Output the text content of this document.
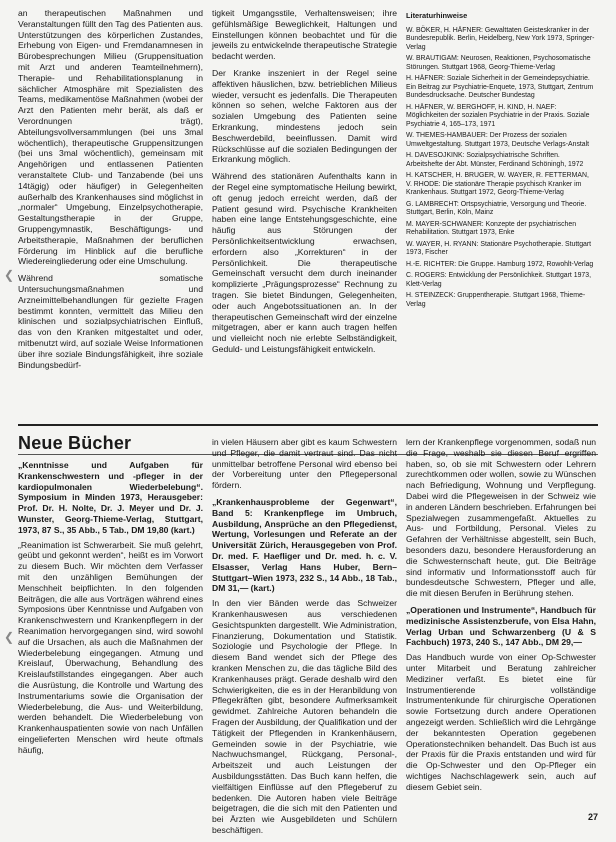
an therapeutischen Maßnahmen und Veranstaltungen füllt den Tag des Patienten aus. Unterstützungen des körperlichen Zustandes, Erhebung von Eigen- und Fremdanamnesen in Bürobesprechungen Milieu (Gruppensituation mit Arzt und anderen Teamteilnehmern), Therapie- und Rehabilitationsplanung in sächlicher Atmosphäre mit Spezialisten des Teams, medikamentöse Maßnahmen (wobei der Arzt den Patienten mehr berät, als daß er Verordnungen trägt), Abteilungsvollversammlungen (bei uns 3mal wöchentlich), therapeutische Gruppensitzungen (bei uns 3mal wöchentlich), gemeinsam mit Angehörigen und entlassenen Patienten veranstaltete Club- und Tanzabende (bei uns 14tägig) oder häufiger) in Gelegenheiten außerhalb des Krankenhauses sind möglichst in „normaler“ Umgebung, Einzelpsychotherapie, Gestaltungstherapie in der Gruppe, Gruppengymnastik, Beschäftigungs- und Arbeitstherapie, Maßnahmen der beruflichen Förderung im Hinblick auf die berufliche Wiedereingliederung oder eine Umschulung.

Während somatische Untersuchungsmaßnahmen und Arzneimittelbehandlungen für gezielte Fragen bestimmt konnten, vermittelt das Milieu den klinischen und sozialpsychiatrischen Einfluß, das von den Kranken mitgestaltet und oder, mitbenutzt wird, auf soziale Weise Informationen über ihre soziale Bindungsfähigkeit, ihre soziale Bindungsbedürf-

tigkeit Umgangsstile, Verhaltensweisen; ihre gefühlsmäßige Beweglichkeit, Haltungen und Einstellungen können beobachtet und für die jeweils zu entwickelnde therapeutische Strategie bedacht werden.

Der Kranke inszeniert in der Regel seine affektiven häuslichen, bzw. betrieblichen Milieus wieder, versucht es jedenfalls. Die Therapeuten können so sehen, welche Faktoren aus der sozialen Umgebung des Patienten seine Erkrankung, mindestens jedoch sein Beschwerdebild, beeinflussen. Damit wird Rückschlüsse auf die sozialen Bedingungen der Erkrankung möglich.

Während des stationären Aufenthalts kann in der Regel eine symptomatische Heilung bewirkt, oft genug jedoch erreicht werden, daß der Patient gesund wird. Psychische Krankheiten haben eine lange Entstehungsgeschichte, eine häufig aus Störungen der Persönlichkeitsentwicklung erwachsen, erfordern also „Korrekturen“ in der Persönlichkeit. Die therapeutische Gemeinschaft versucht dem durch ineinander komplizierte „Prägungsprozesse“ Rechnung zu tragen. Sie bietet Bindungen, Gelegenheiten, oder auch Angebotssituationen an. In der therapeutischen Gemeinschaft wird der einzelne mitgetragen, aber er kann auch tragen helfen und vielleicht noch nie erlebte Selbständigkeit, Geduld- und Leistungsfähigkeit entwickeln.

Literaturhinweise
W. BÖKER, H. HÄFNER: Gewalttaten Geisteskranker in der Bundesrepublik. Berlin, Heidelberg, New York 1973, Springer-Verlag
W. BRAUTIGAM: Neurosen, Reaktionen, Psychosomatische Störungen. Stuttgart 1968, Georg-Thieme-Verlag
H. HÄFNER: Soziale Sicherheit in der Gemeindepsychiatrie. Ein Beitrag zur Psychiatrie-Enquete, 1973, Stuttgart, Zentrum Bundesdrucksache. Deutscher Bundestag
H. HÄFNER, W. BERGHOFF, H. KIND, H. NAEF: Möglichkeiten der sozialen Psychiatrie in der Praxis. Soziale Psychiatrie 4, 165–173, 1971
W. THEMES-HAMBAUER: Der Prozess der sozialen Umweltgestaltung. Stuttgart 1973, Deutsche Verlags-Anstalt
H. DAVESOJKINK: Sozialpsychiatrische Schriften. Arbeitshefte der Abt. Münster, Ferdinand Schöningh, 1972
H. KATSCHER, H. BRUGER, W. WAYER, R. FETTERMAN, V. RHODE: Die stationäre Therapie psychisch Kranker im Krankenhaus. Stuttgart 1972, Georg-Thieme-Verlag
G. LAMBRECHT: Ortspsychiatrie, Versorgung und Theorie. Stuttgart, Berlin, Köln, Mainz
M. MAYER-SCHWANER: Konzepte der psychiatrischen Rehabilitation. Stuttgart 1973, Enke
W. WAYER, H. RYANN: Stationäre Psychotherapie. Stuttgart 1973, Fischer
H.-E. RICHTER: Die Gruppe. Hamburg 1972, Rowohlt-Verlag
C. ROGERS: Entwicklung der Persönlichkeit. Stuttgart 1973, Klett-Verlag
H. STEINZECK: Gruppentherapie. Stuttgart 1968, Thieme-Verlag
❮
Neue Bücher

„Kenntnisse und Aufgaben für Krankenschwestern und -pfleger in der kardiopulmonalen Wiederbelebung“. Symposium in Minden 1973, Herausgeber: Prof. Dr. H. Nolte, Dr. J. Meyer und Dr. J. Wunster, Georg-Thieme-Verlag, Stuttgart, 1973, 87 S., 35 Abb., 5 Tab., DM 19,80 (kart.)

„Reanimation ist Schwerarbeit. Sie muß gelehrt, geübt und gekonnt werden“, heißt es im Vorwort zu diesem Buch. Wir möchten dem Verfasser mit den unzähligen Bemühungen der Menschheit beipflichten. In den folgenden Beiträgen, die alle aus Vorträgen während eines Symposions über Kenntnisse und Aufgaben von Krankenschwestern und Krankenpflegern in der Reanimation hervorgegangen sind, wird sowohl auf die Ursachen, als auch die Maßnahmen der Wiederbelebung eingegangen. Atmung und Kreislauf, Überwachung, Behandlung des Kreislaufstillstandes eingegangen. Aber auch die Ausrüstung, die Kontrolle und Wartung des Instrumentariums sowie die Organisation der Wiederbelebung, die Aus- und Weiterbildung, werden behandelt. Die Wiederbelebung von Krankenhauspatienten sowie von nach Unfällen eingelieferten Menschen wird heute oftmals häufig,

in vielen Häusern aber gibt es kaum Schwestern und Pfleger, die damit vertraut sind. Das nicht unmittelbar betroffene Personal wird ebenso bei der Vorbereitung unter den Pflegepersonal fördern.

„Krankenhausprobleme der Gegenwart“, Band 5: Krankenpflege im Umbruch, Ausbildung, Ansprüche an den Pflegedienst, Wertung, Vorlesungen und Referate an der Universität Zürich, Herausgegeben von Prof. Dr. med. F. Haefliger und Dr. med. h. c. V. Elsasser, Verlag Hans Huber, Bern–Stuttgart–Wien 1973, 232 S., 14 Abb., 18 Tab., DM 31,— (kart.)

In den vier Bänden werde das Schweizer Krankenhauswesen aus verschiedenen Gesichtspunkten dargestellt. Wie Administration, Finanzierung, Dokumentation und Statistik. Soziologie und Psychologie der Pflege. In diesem Band wendet sich der Pflege des kranken Menschen zu, die das tägliche Bild des Krankenhauses prägt. Gerade deshalb wird den Schwierigkeiten, die es in der Heranbildung von Pflegekräften gibt, besondere Aufmerksamkeit gewidmet. Zahlreiche Autoren behandeln die Fragen der Ausbildung, der Qualifikation und der Tätigkeit der Pflegenden in Krankenhäusern, Gemeinden sowie in der Psychiatrie, wie Nachwuchsmangel, Rückgang, Personal-, Arbeitszeit und auch Leistungen der Ausbildungsstätten. Das Buch kann helfen, die vielfältigen Einflüsse auf den Pflegeberuf zu bedenken. Die Autoren haben viele Beiträge beigetragen, die die sich mit den Patienten und bei Ärzten wie Ausgebildeten und Schülern beschäftigen.

lern der Krankenpflege vorgenommen, sodaß nun die Frage, weshalb sie diesen Beruf ergriffen haben, so, ob sie mit Schwestern oder Lehrern zurechtkommen oder wollen, sowie zu Wünschen nach Befriedigung, Wohnung und Verpflegung. Dabei wird die Pflegeweisen in der Schweiz wie in anderen Ländern beschrieben. Erfahrungen bei Spezialwegen zusammengefaßt. Aktuelles zu Aus- und Fortbildung, Personal. Vieles zu Gefahren der Verhältnisse abgestellt, sein Buch, besonders dazu, besondere Herausforderung an die Schwesternschaft heute, gut. Die Beiträge sind informativ und Informationsstoff auch für bundesdeutsche Schwestern, Pfleger und alle, die mit diesen Berufen in Berührung stehen.

„Operationen und Instrumente“, Handbuch für medizinische Assistenzberufe, von Elsa Hahn, Verlag Urban und Schwarzenberg (U & S Fachbuch) 1973, 240 S., 147 Abb., DM 29,—

Das Handbuch wurde von einer Op-Schwester unter Mitarbeit und Beratung zahlreicher Mediziner verfaßt. Es bietet eine für Instrumentierende vollständige Instrumentenkunde für chirurgische Operationen sowie Fortsetzung durch andere Operationen angezeigt werden. Schließlich wird die Lehrgänge der bekanntesten Operation gegebenen Operationstechniken behandelt. Das Buch ist aus der Praxis für die Praxis entstanden und wird für die Op-Schwester und den Op-Pfleger ein wichtiges Nachschlagewerk sein, auch auf diesem Gebiet sein.

❮
27
